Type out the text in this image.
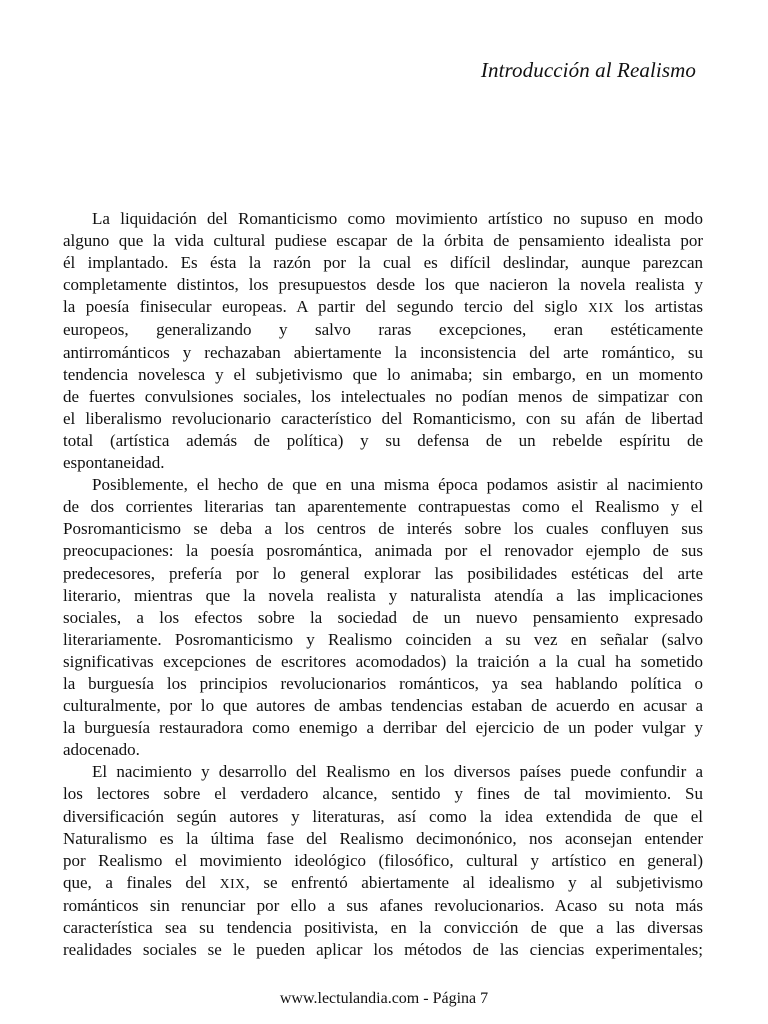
Introducción al Realismo
La liquidación del Romanticismo como movimiento artístico no supuso en modo
alguno que la vida cultural pudiese escapar de la órbita de pensamiento idealista por
él implantado. Es ésta la razón por la cual es difícil deslindar, aunque parezcan
completamente distintos, los presupuestos desde los que nacieron la novela realista y
la poesía finisecular europeas. A partir del segundo tercio del siglo XIX los artistas
europeos, generalizando y salvo raras excepciones, eran estéticamente
antirrománticos y rechazaban abiertamente la inconsistencia del arte romántico, su
tendencia novelesca y el subjetivismo que lo animaba; sin embargo, en un momento
de fuertes convulsiones sociales, los intelectuales no podían menos de simpatizar con
el liberalismo revolucionario característico del Romanticismo, con su afán de libertad
total (artística además de política) y su defensa de un rebelde espíritu de
espontaneidad.
Posiblemente, el hecho de que en una misma época podamos asistir al nacimiento
de dos corrientes literarias tan aparentemente contrapuestas como el Realismo y el
Posromanticismo se deba a los centros de interés sobre los cuales confluyen sus
preocupaciones: la poesía posromántica, animada por el renovador ejemplo de sus
predecesores, prefería por lo general explorar las posibilidades estéticas del arte
literario, mientras que la novela realista y naturalista atendía a las implicaciones
sociales, a los efectos sobre la sociedad de un nuevo pensamiento expresado
literariamente. Posromanticismo y Realismo coinciden a su vez en señalar (salvo
significativas excepciones de escritores acomodados) la traición a la cual ha sometido
la burguesía los principios revolucionarios románticos, ya sea hablando política o
culturalmente, por lo que autores de ambas tendencias estaban de acuerdo en acusar a
la burguesía restauradora como enemigo a derribar del ejercicio de un poder vulgar y
adocenado.
El nacimiento y desarrollo del Realismo en los diversos países puede confundir a
los lectores sobre el verdadero alcance, sentido y fines de tal movimiento. Su
diversificación según autores y literaturas, así como la idea extendida de que el
Naturalismo es la última fase del Realismo decimonónico, nos aconsejan entender
por Realismo el movimiento ideológico (filosófico, cultural y artístico en general)
que, a finales del XIX, se enfrentó abiertamente al idealismo y al subjetivismo
románticos sin renunciar por ello a sus afanes revolucionarios. Acaso su nota más
característica sea su tendencia positivista, en la convicción de que a las diversas
realidades sociales se le pueden aplicar los métodos de las ciencias experimentales;
www.lectulandia.com - Página 7
